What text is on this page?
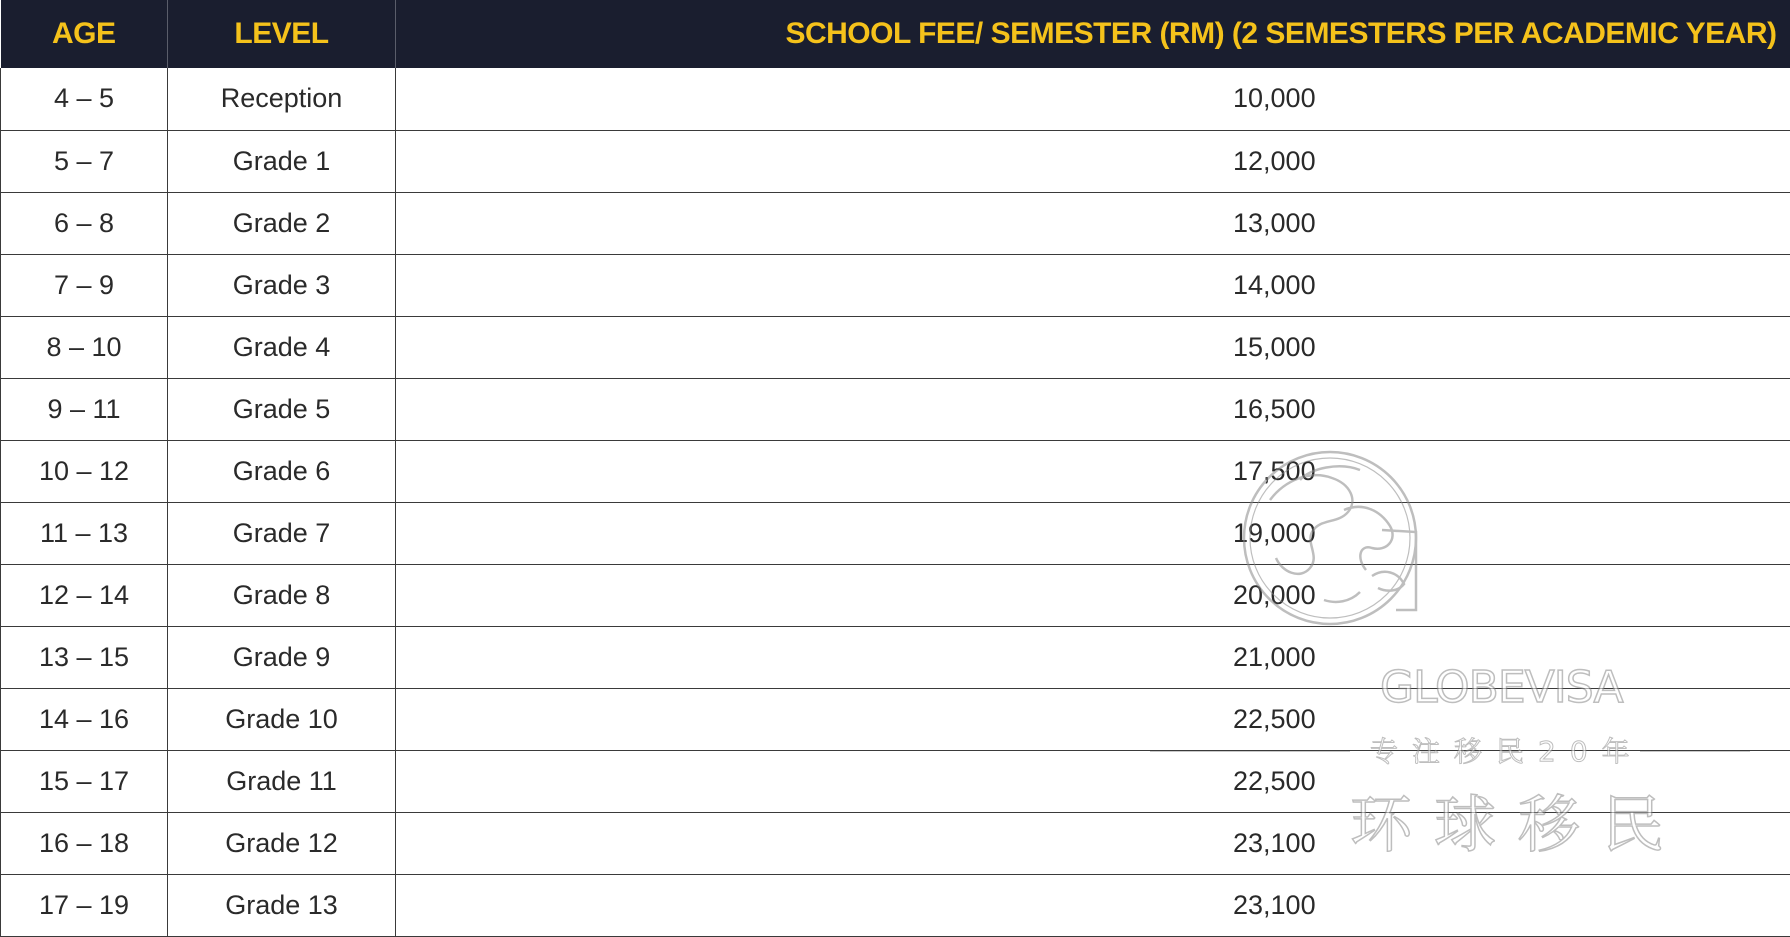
AGE	LEVEL	SCHOOL FEE/ SEMESTER (RM) (2 SEMESTERS PER ACADEMIC YEAR)
4 – 5	Reception	10,000
5 – 7	Grade 1	12,000
6 – 8	Grade 2	13,000
7 – 9	Grade 3	14,000
8 – 10	Grade 4	15,000
9 – 11	Grade 5	16,500
10 – 12	Grade 6	17,500
11 – 13	Grade 7	19,000
12 – 14	Grade 8	20,000
13 – 15	Grade 9	21,000
14 – 16	Grade 10	22,500
15 – 17	Grade 11	22,500
16 – 18	Grade 12	23,100
17 – 19	Grade 13	23,100
GLOBEVISA
专注移民20年
环球移民
